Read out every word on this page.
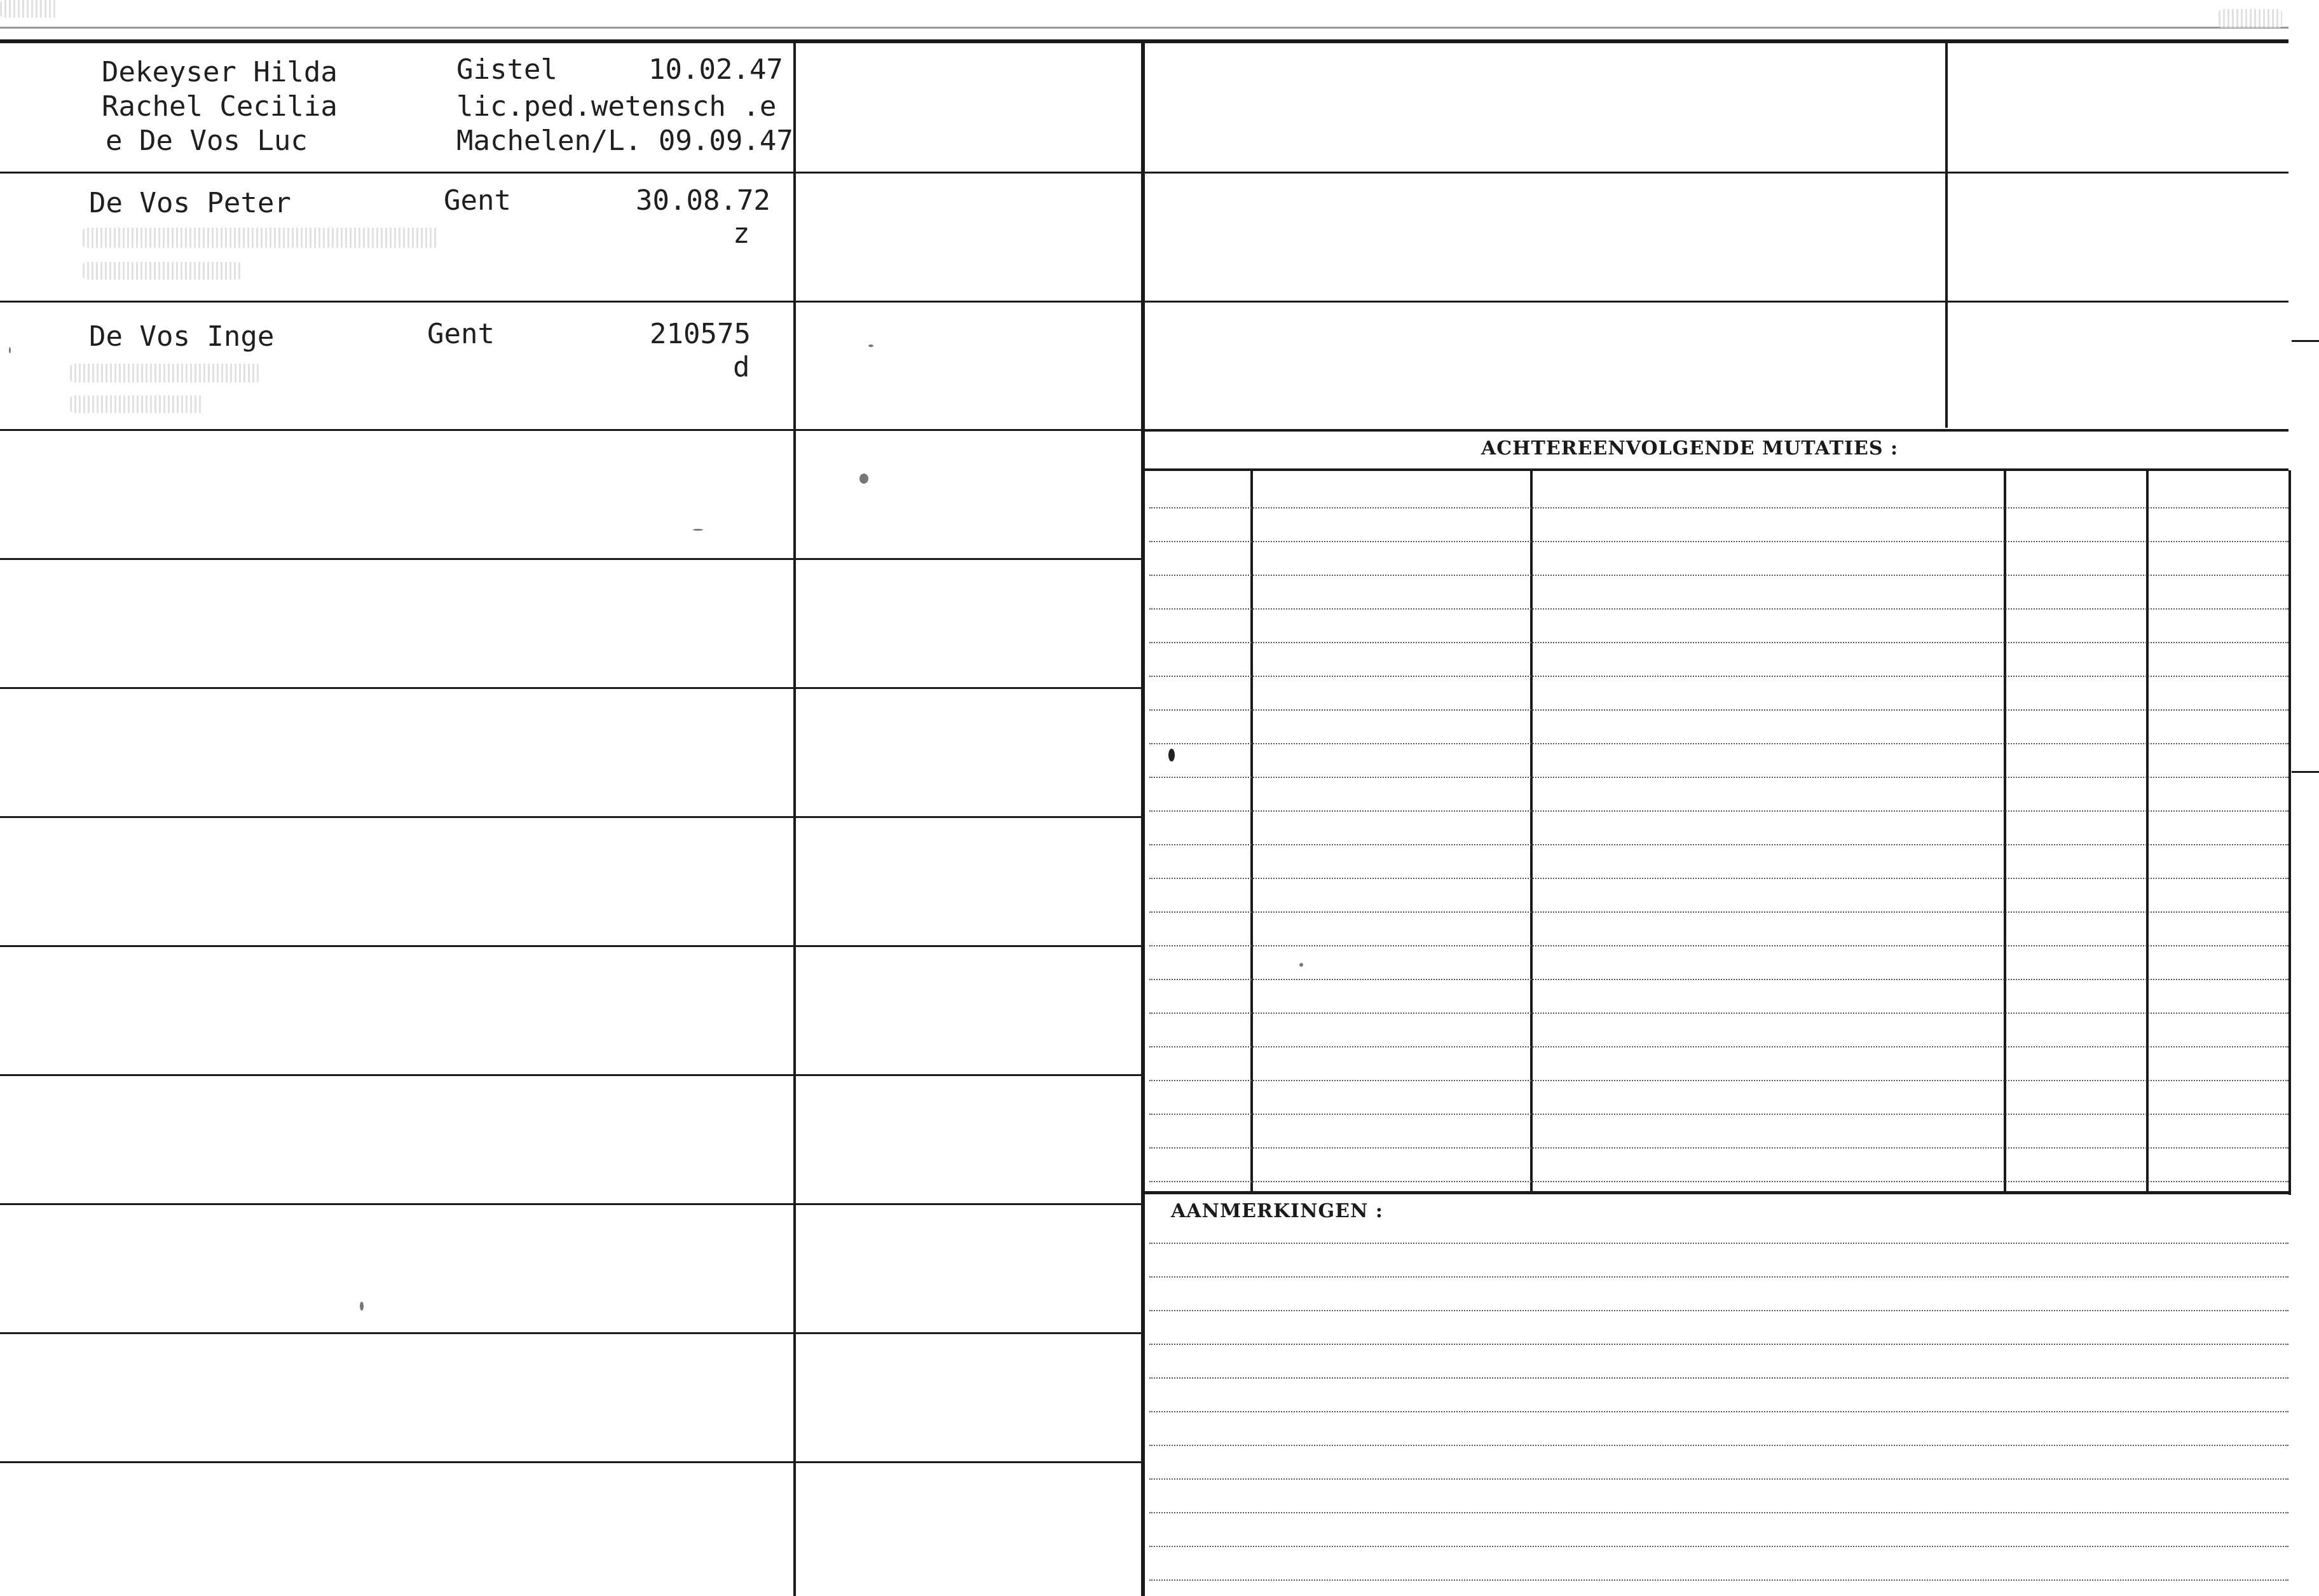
Dekeyser Hilda	Gistel	10.02.47
Rachel Cecilia	lic.ped.wetensch .e
e De Vos Luc	Machelen/L. 09.09.47
De Vos Peter	Gent	30.08.72
z
De Vos Inge	Gent	210575
d
ACHTEREENVOLGENDE MUTATIES :
AANMERKINGEN :
